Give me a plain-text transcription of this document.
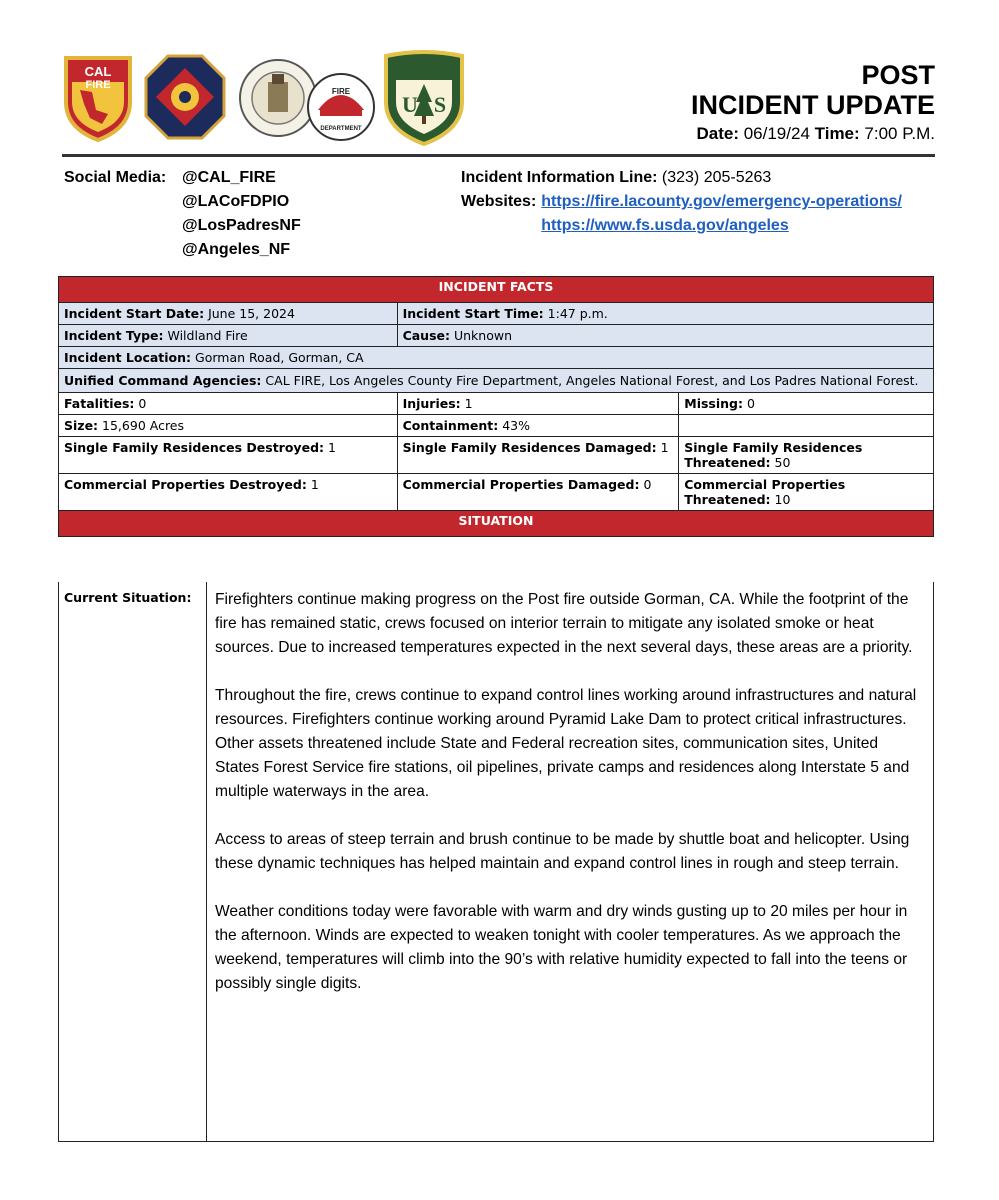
CAL
FIRE
FIRE
DEPARTMENT
U S
POST
INCIDENT UPDATE
Date: 06/19/24 Time: 7:00 P.M.
Social Media: @CAL_FIRE
@LACoFDPIO
@LosPadresNF
@Angeles_NF
Incident Information Line: (323) 205-5263
Websites: https://fire.lacounty.gov/emergency-operations/
https://www.fs.usda.gov/angeles
INCIDENT FACTS		
Incident Start Date: June 15, 2024	Incident Start Time: 1:47 p.m.	
Incident Type: Wildland Fire	Cause: Unknown	
Incident Location: Gorman Road, Gorman, CA		
Unified Command Agencies: CAL FIRE, Los Angeles County Fire Department, Angeles National Forest, and Los Padres National Forest.		
Fatalities: 0	Injuries: 1	Missing: 0
Size: 15,690 Acres	Containment: 43%	
Single Family Residences Destroyed: 1	Single Family Residences Damaged: 1	Single Family Residences Threatened: 50
Commercial Properties Destroyed: 1	Commercial Properties Damaged: 0	Commercial Properties Threatened: 10
SITUATION		
Current Situation:	Firefighters continue making progress on the Post fire outside Gorman, CA. While the footprint of the fire has remained static, crews focused on interior terrain to mitigate any isolated smoke or heat sources. Due to increased temperatures expected in the next several days, these areas are a priority.

Throughout the fire, crews continue to expand control lines working around infrastructures and natural resources. Firefighters continue working around Pyramid Lake Dam to protect critical infrastructures. Other assets threatened include State and Federal recreation sites, communication sites, United States Forest Service fire stations, oil pipelines, private camps and residences along Interstate 5 and multiple waterways in the area.

Access to areas of steep terrain and brush continue to be made by shuttle boat and helicopter. Using these dynamic techniques has helped maintain and expand control lines in rough and steep terrain.

Weather conditions today were favorable with warm and dry winds gusting up to 20 miles per hour in the afternoon. Winds are expected to weaken tonight with cooler temperatures. As we approach the weekend, temperatures will climb into the 90’s with relative humidity expected to fall into the teens or possibly single digits.
